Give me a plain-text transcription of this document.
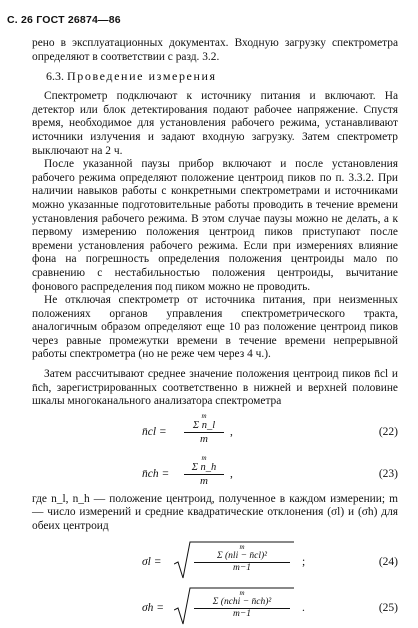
С. 26 ГОСТ 26874—86

рено в эксплуатационных документах. Входную загрузку спектрометра определяют в соответствии с разд. 3.2.

6.3. Проведение измерения

Спектрометр подключают к источнику питания и включают. На детектор или блок детектирования подают рабочее напряжение. Спустя время, необходимое для установления рабочего режима, устанавливают источники излучения и задают входную загрузку. Затем спектрометр выключают на 2 ч.

После указанной паузы прибор включают и после установления рабочего режима определяют положение центроид пиков по п. 3.3.2. При наличии навыков работы с конкретными спектрометрами и источниками можно указанные подготовительные работы проводить в течение времени установления рабочего режима. В этом случае паузы можно не делать, а к первому измерению положения центроид пиков приступают после времени установления рабочего режима. Если при измерениях влияние фона на погрешность определения положения центроиды мало по сравнению с нестабильностью положения центроиды, вычитание фонового распределения под пиком можно не проводить.

Не отключая спектрометр от источника питания, при неизменных положениях органов управления спектрометрического тракта, аналогичным образом определяют еще 10 раз положение центроид пиков через равные промежутки времени в течение времени непрерывной работы спектрометра (но не реже чем через 4 ч.).

Затем рассчитывают среднее значение положения центроид пиков n̄cl и n̄ch, зарегистрированных соответственно в нижней и верхней половине шкалы многоканального анализатора спектрометра

n̄cl =
m
Σ n_l
m
,	(22)
n̄ch =
m
Σ n_h
m
,	(23)

где n_l, n_h — положение центроид, полученное в каждом измерении; m — число измерений и средние квадратические отклонения (σl) и (σh) для обеих центроид

σl =
m
Σ (nli − n̄cl)²
m−1	;	(24)
σh =
m
Σ (nchi − n̄ch)²
m−1	.	(25)
